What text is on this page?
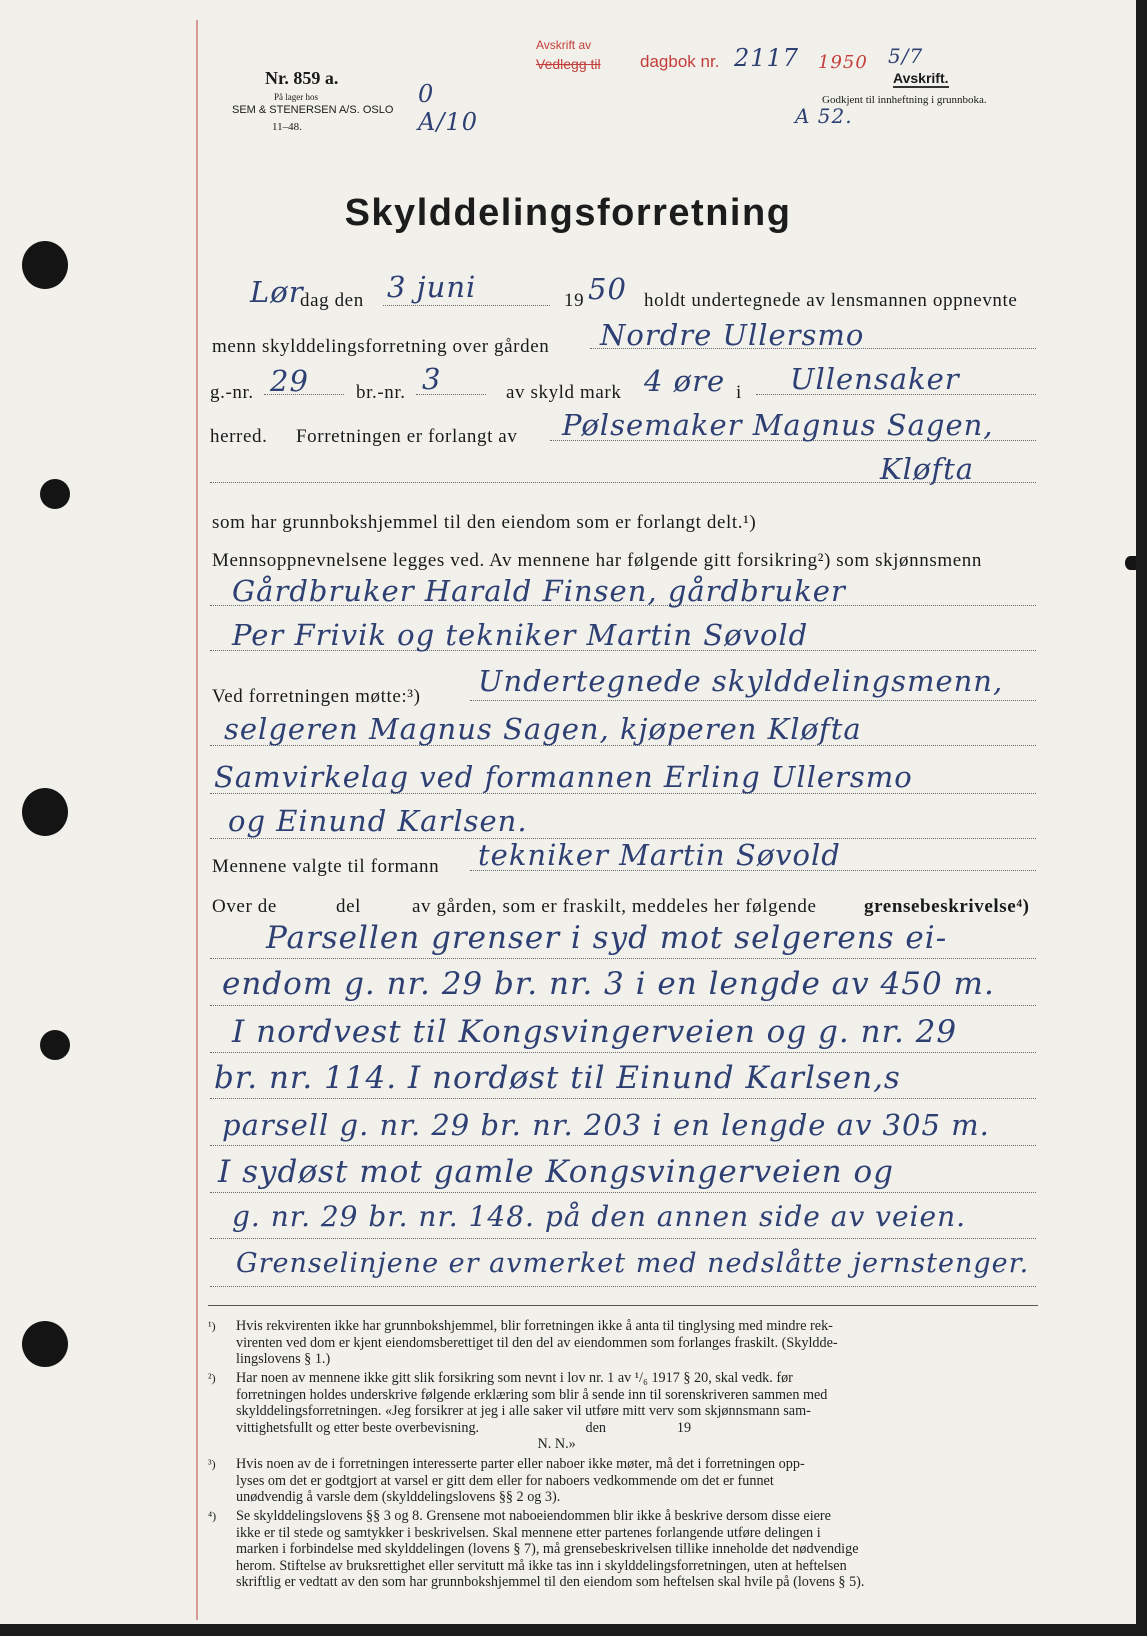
Nr. 859 a.
På lager hos
SEM & STENERSEN A/S. OSLO
11–48.
0 A/10
Avskrift av
Vedlegg til dagbok nr. 2117 1950 5/7
Avskrift.
Godkjent til innheftning i grunnboka.
A 52.
Skylddelingsforretning
Lør
dag den 3 juni	19 50 holdt undertegnede av lensmannen oppnevnte
menn skylddelingsforretning over gården Nordre Ullersmo
g.-nr. 29 br.-nr. 3	av skyld mark 4 øre i Ullensaker
herred. Forretningen er forlangt av Pølsemaker Magnus Sagen,
Kløfta
som har grunnbokshjemmel til den eiendom som er forlangt delt.¹)
Mennsoppnevnelsene legges ved. Av mennene har følgende gitt forsikring²) som skjønnsmenn
Gårdbruker Harald Finsen, gårdbruker
Per Frivik og tekniker Martin Søvold
Ved forretningen møtte:³) Undertegnede skylddelingsmenn,
selgeren Magnus Sagen, kjøperen Kløfta
Samvirkelag ved formannen Erling Ullersmo
og Einund Karlsen.
Mennene valgte til formann tekniker Martin Søvold
Over de	del	av gården, som er fraskilt, meddeles her følgende grensebeskrivelse⁴)
Parsellen grenser i syd mot selgerens ei-
endom g. nr. 29 br. nr. 3 i en lengde av 450 m.
I nordvest til Kongsvingerveien og g. nr. 29
br. nr. 114. I nordøst til Einund Karlsen,s
parsell g. nr. 29 br. nr. 203 i en lengde av 305 m.
I sydøst mot gamle Kongsvingerveien og
g. nr. 29 br. nr. 148. på den annen side av veien.
Grenselinjene er avmerket med nedslåtte jernstenger.
¹) Hvis rekvirenten ikke har grunnbokshjemmel, blir forretningen ikke å anta til tinglysing med mindre rek-
virenten ved dom er kjent eiendomsberettiget til den del av eiendommen som forlanges fraskilt. (Skylddе-
lingslovens § 1.)
²) Har noen av mennene ikke gitt slik forsikring som nevnt i lov nr. 1 av ¹/₆ 1917 § 20, skal vedk. før
forretningen holdes underskrive følgende erklæring som blir å sende inn til sorenskriveren sammen med
skylddelingsforretningen. «Jeg forsikrer at jeg i alle saker vil utføre mitt verv som skjønnsmann sam-
vittighetsfullt og etter beste overbevisning.                              den                    19
N. N.»
³) Hvis noen av de i forretningen interesserte parter eller naboer ikke møter, må det i forretningen opp-
lyses om det er godtgjort at varsel er gitt dem eller for naboers vedkommende om det er funnet
unødvendig å varsle dem (skylddelingslovens §§ 2 og 3).
⁴) Se skylddelingslovens §§ 3 og 8. Grensene mot naboeiendommen blir ikke å beskrive dersom disse eiere
ikke er til stede og samtykker i beskrivelsen. Skal mennene etter partenes forlangende utføre delingen i
marken i forbindelse med skylddelingen (lovens § 7), må grensebeskrivelsen tillike inneholde det nødvendige
herom. Stiftelse av bruksrettighet eller servitutt må ikke tas inn i skylddelingsforretningen, uten at heftelsen
skriftlig er vedtatt av den som har grunnbokshjemmel til den eiendom som heftelsen skal hvile på (lovens § 5).
